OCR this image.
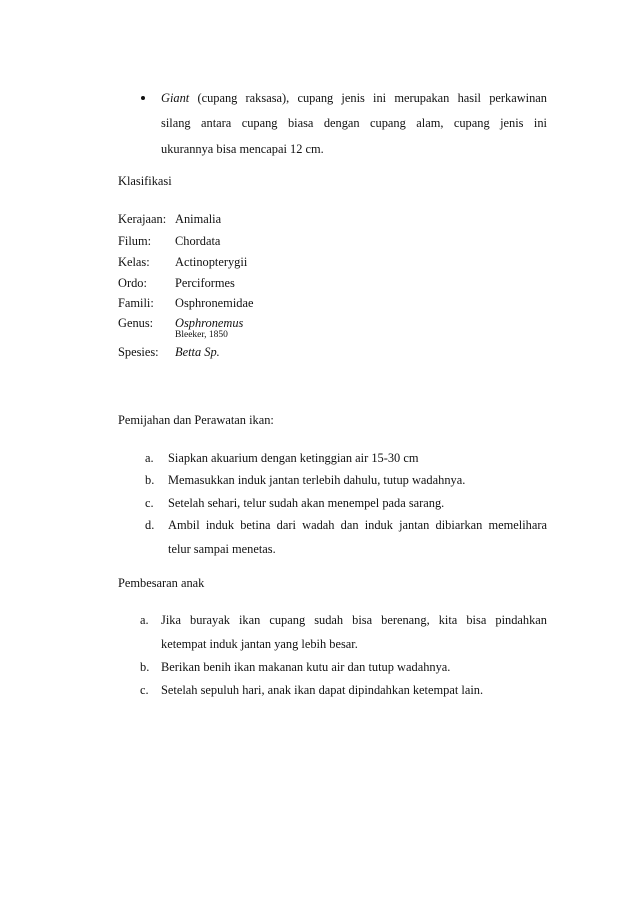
Giant (cupang raksasa), cupang jenis ini merupakan hasil perkawinan
silang antara cupang biasa dengan cupang alam, cupang jenis ini
ukurannya bisa mencapai 12 cm.
Klasifikasi
Kerajaan: Animalia
Filum: Chordata
Kelas: Actinopterygii
Ordo: Perciformes
Famili: Osphronemidae
Genus: Osphronemus
Bleeker, 1850
Spesies: Betta Sp.
Pemijahan dan Perawatan ikan:
a. Siapkan akuarium dengan ketinggian air 15-30 cm
b. Memasukkan induk jantan terlebih dahulu, tutup wadahnya.
c. Setelah sehari, telur sudah akan menempel pada sarang.
d. Ambil induk betina dari wadah dan induk jantan dibiarkan memelihara
telur sampai menetas.
Pembesaran anak
a. Jika burayak ikan cupang sudah bisa berenang, kita bisa pindahkan
ketempat induk jantan yang lebih besar.
b. Berikan benih ikan makanan kutu air dan tutup wadahnya.
c. Setelah sepuluh hari, anak ikan dapat dipindahkan ketempat lain.
